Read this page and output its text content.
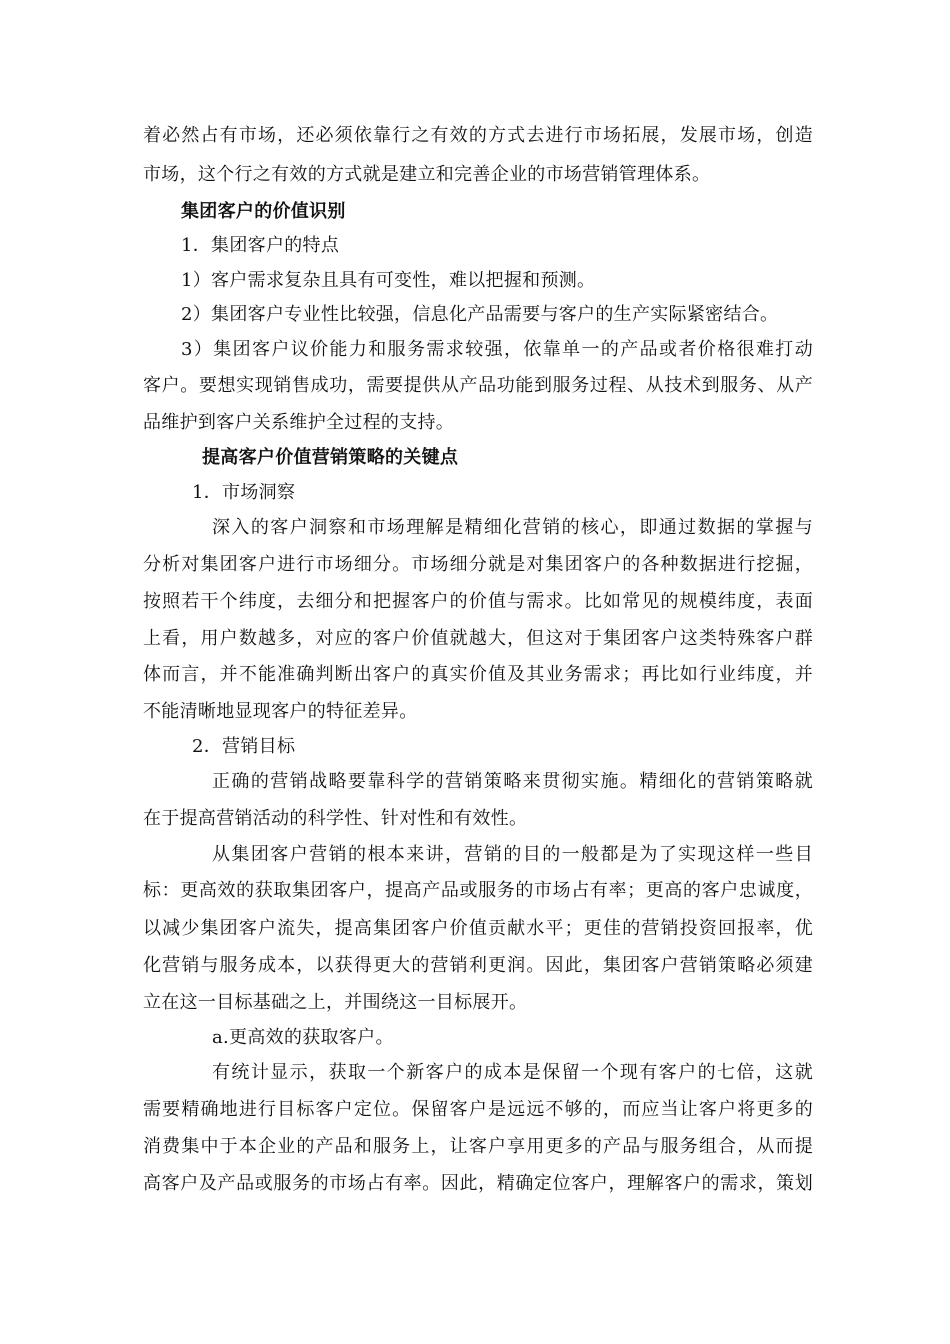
着必然占有市场，还必须依靠行之有效的方式去进行市场拓展，发展市场，创造
市场，这个行之有效的方式就是建立和完善企业的市场营销管理体系。
集团客户的价值识别
1．集团客户的特点
1）客户需求复杂且具有可变性，难以把握和预测。
2）集团客户专业性比较强，信息化产品需要与客户的生产实际紧密结合。
3）集团客户议价能力和服务需求较强，依靠单一的产品或者价格很难打动
客户。要想实现销售成功，需要提供从产品功能到服务过程、从技术到服务、从产
品维护到客户关系维护全过程的支持。
提高客户价值营销策略的关键点
1．市场洞察
深入的客户洞察和市场理解是精细化营销的核心，即通过数据的掌握与
分析对集团客户进行市场细分。市场细分就是对集团客户的各种数据进行挖掘，
按照若干个纬度，去细分和把握客户的价值与需求。比如常见的规模纬度，表面
上看，用户数越多，对应的客户价值就越大，但这对于集团客户这类特殊客户群
体而言，并不能准确判断出客户的真实价值及其业务需求；再比如行业纬度，并
不能清晰地显现客户的特征差异。
2．营销目标
正确的营销战略要靠科学的营销策略来贯彻实施。精细化的营销策略就
在于提高营销活动的科学性、针对性和有效性。
从集团客户营销的根本来讲，营销的目的一般都是为了实现这样一些目
标：更高效的获取集团客户，提高产品或服务的市场占有率；更高的客户忠诚度，
以减少集团客户流失，提高集团客户价值贡献水平；更佳的营销投资回报率，优
化营销与服务成本，以获得更大的营销利更润。因此，集团客户营销策略必须建
立在这一目标基础之上，并围绕这一目标展开。
a.更高效的获取客户。
有统计显示，获取一个新客户的成本是保留一个现有客户的七倍，这就
需要精确地进行目标客户定位。保留客户是远远不够的，而应当让客户将更多的
消费集中于本企业的产品和服务上，让客户享用更多的产品与服务组合，从而提
高客户及产品或服务的市场占有率。因此，精确定位客户，理解客户的需求，策划
